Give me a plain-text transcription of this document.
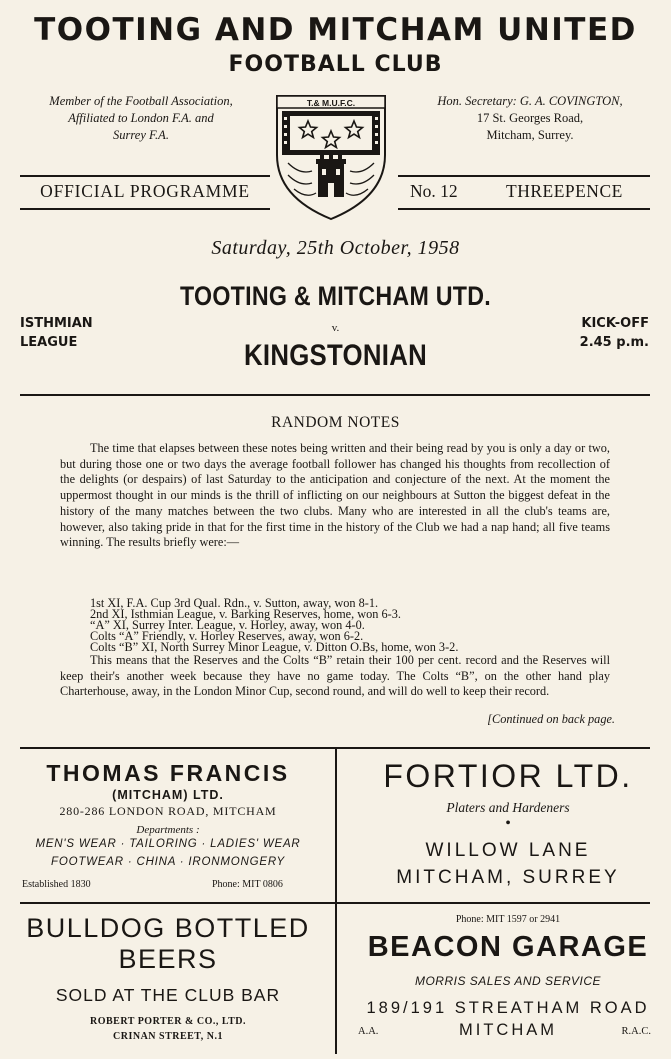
TOOTING AND MITCHAM UNITED
FOOTBALL CLUB
Member of the Football Association,
Affiliated to London F.A. and
Surrey F.A.
Hon. Secretary: G. A. COVINGTON,
17 St. Georges Road,
Mitcham, Surrey.
T.& M.U.F.C.
OFFICIAL PROGRAMME	No. 12	THREEPENCE
Saturday, 25th October, 1958
TOOTING & MITCHAM UTD.
v.
KINGSTONIAN
ISTHMIAN
LEAGUE
KICK-OFF
2.45 p.m.
RANDOM NOTES
The time that elapses between these notes being written and their being read by you is only a day or two, but during those one or two days the average football follower has changed his thoughts from recollection of the delights (or despairs) of last Saturday to the anticipation and conjecture of the next. At the moment the uppermost thought in our minds is the thrill of inflicting on our neighbours at Sutton the biggest defeat in the history of the many matches between the two clubs. Many who are interested in all the club's teams are, however, also taking pride in that for the first time in the history of the Club we had a nap hand; all five teams winning. The results briefly were:—
1st XI, F.A. Cup 3rd Qual. Rdn., v. Sutton, away, won 8-1.
2nd XI, Isthmian League, v. Barking Reserves, home, won 6-3.
“A” XI, Surrey Inter. League, v. Horley, away, won 4-0.
Colts “A” Friendly, v. Horley Reserves, away, won 6-2.
Colts “B” XI, North Surrey Minor League, v. Ditton O.Bs, home, won 3-2.
This means that the Reserves and the Colts “B” retain their 100 per cent. record and the Reserves will keep their's another week because they have no game today. The Colts “B”, on the other hand play Charterhouse, away, in the London Minor Cup, second round, and will do well to keep their record.
[Continued on back page.
THOMAS FRANCIS
(MITCHAM) LTD.
280-286 LONDON ROAD, MITCHAM
Departments :
MEN'S WEAR · TAILORING · LADIES' WEAR
FOOTWEAR · CHINA · IRONMONGERY
Established 1830	Phone: MIT 0806
FORTIOR LTD.
Platers and Hardeners
•
WILLOW LANE
MITCHAM, SURREY
BULLDOG BOTTLED
BEERS
SOLD AT THE CLUB BAR
ROBERT PORTER & CO., LTD.
CRINAN STREET, N.1
Phone: MIT 1597 or 2941
BEACON GARAGE
MORRIS SALES AND SERVICE
189/191 STREATHAM ROAD
MITCHAM
A.A.	R.A.C.
